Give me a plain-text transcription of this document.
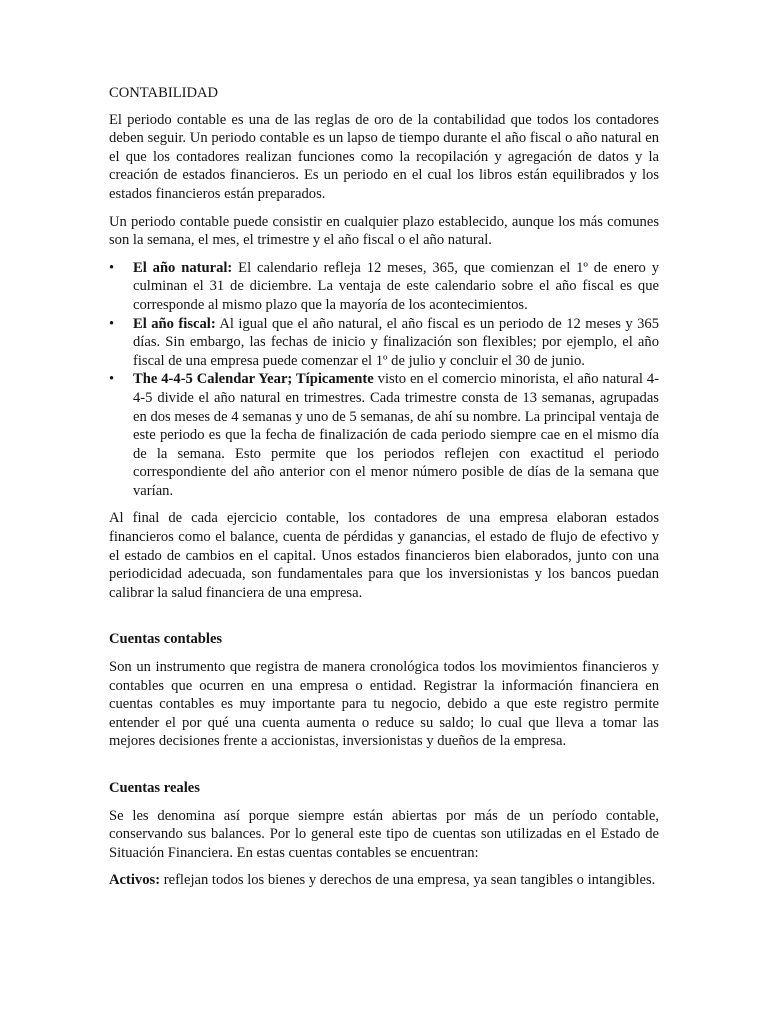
CONTABILIDAD

El periodo contable es una de las reglas de oro de la contabilidad que todos los contadores deben seguir. Un periodo contable es un lapso de tiempo durante el año fiscal o año natural en el que los contadores realizan funciones como la recopilación y agregación de datos y la creación de estados financieros. Es un periodo en el cual los libros están equilibrados y los estados financieros están preparados.

Un periodo contable puede consistir en cualquier plazo establecido, aunque los más comunes son la semana, el mes, el trimestre y el año fiscal o el año natural.

• El año natural: El calendario refleja 12 meses, 365, que comienzan el 1º de enero y culminan el 31 de diciembre. La ventaja de este calendario sobre el año fiscal es que corresponde al mismo plazo que la mayoría de los acontecimientos.
• El año fiscal: Al igual que el año natural, el año fiscal es un periodo de 12 meses y 365 días. Sin embargo, las fechas de inicio y finalización son flexibles; por ejemplo, el año fiscal de una empresa puede comenzar el 1º de julio y concluir el 30 de junio.
• The 4-4-5 Calendar Year; Típicamente visto en el comercio minorista, el año natural 4-4-5 divide el año natural en trimestres. Cada trimestre consta de 13 semanas, agrupadas en dos meses de 4 semanas y uno de 5 semanas, de ahí su nombre. La principal ventaja de este periodo es que la fecha de finalización de cada periodo siempre cae en el mismo día de la semana. Esto permite que los periodos reflejen con exactitud el periodo correspondiente del año anterior con el menor número posible de días de la semana que varían.

Al final de cada ejercicio contable, los contadores de una empresa elaboran estados financieros como el balance, cuenta de pérdidas y ganancias, el estado de flujo de efectivo y el estado de cambios en el capital. Unos estados financieros bien elaborados, junto con una periodicidad adecuada, son fundamentales para que los inversionistas y los bancos puedan calibrar la salud financiera de una empresa.

Cuentas contables

Son un instrumento que registra de manera cronológica todos los movimientos financieros y contables que ocurren en una empresa o entidad. Registrar la información financiera en cuentas contables es muy importante para tu negocio, debido a que este registro permite entender el por qué una cuenta aumenta o reduce su saldo; lo cual que lleva a tomar las mejores decisiones frente a accionistas, inversionistas y dueños de la empresa.

Cuentas reales

Se les denomina así porque siempre están abiertas por más de un período contable, conservando sus balances. Por lo general este tipo de cuentas son utilizadas en el Estado de Situación Financiera. En estas cuentas contables se encuentran:

Activos: reflejan todos los bienes y derechos de una empresa, ya sean tangibles o intangibles.
